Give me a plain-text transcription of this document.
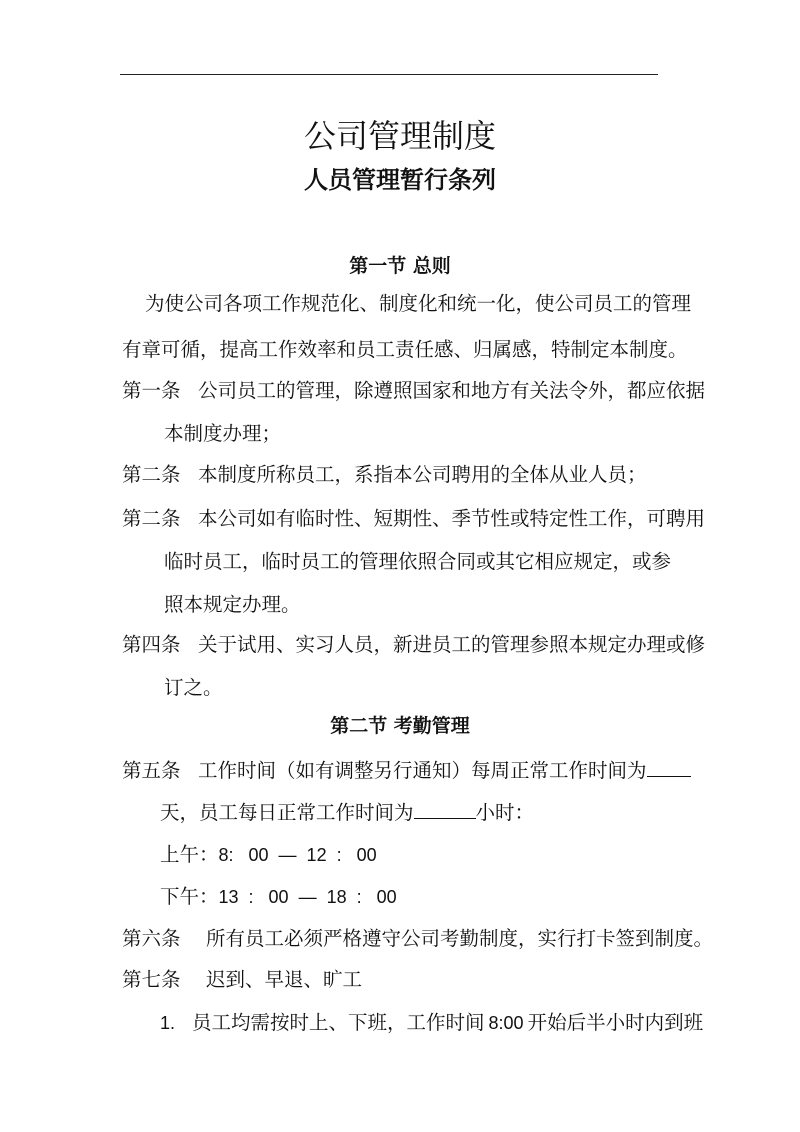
公司管理制度
人员管理暂行条列
第一节 总则
为使公司各项工作规范化、制度化和统一化，使公司员工的管理
有章可循，提高工作效率和员工责任感、归属感，特制定本制度。
第一条 公司员工的管理，除遵照国家和地方有关法令外，都应依据
本制度办理；
第二条 本制度所称员工，系指本公司聘用的全体从业人员；
第二条 本公司如有临时性、短期性、季节性或特定性工作，可聘用
临时员工，临时员工的管理依照合同或其它相应规定，或参
照本规定办理。
第四条 关于试用、实习人员，新进员工的管理参照本规定办理或修
订之。
第二节 考勤管理
第五条 工作时间（如有调整另行通知）每周正常工作时间为
天，员工每日正常工作时间为	小时：
上午：8:   00  —  12  :   00
下午：13  :   00  —  18  :   00
第六条 所有员工必须严格遵守公司考勤制度，实行打卡签到制度。
第七条 迟到、早退、旷工
1. 员工均需按时上、下班，工作时间 8:00 开始后半小时内到班
